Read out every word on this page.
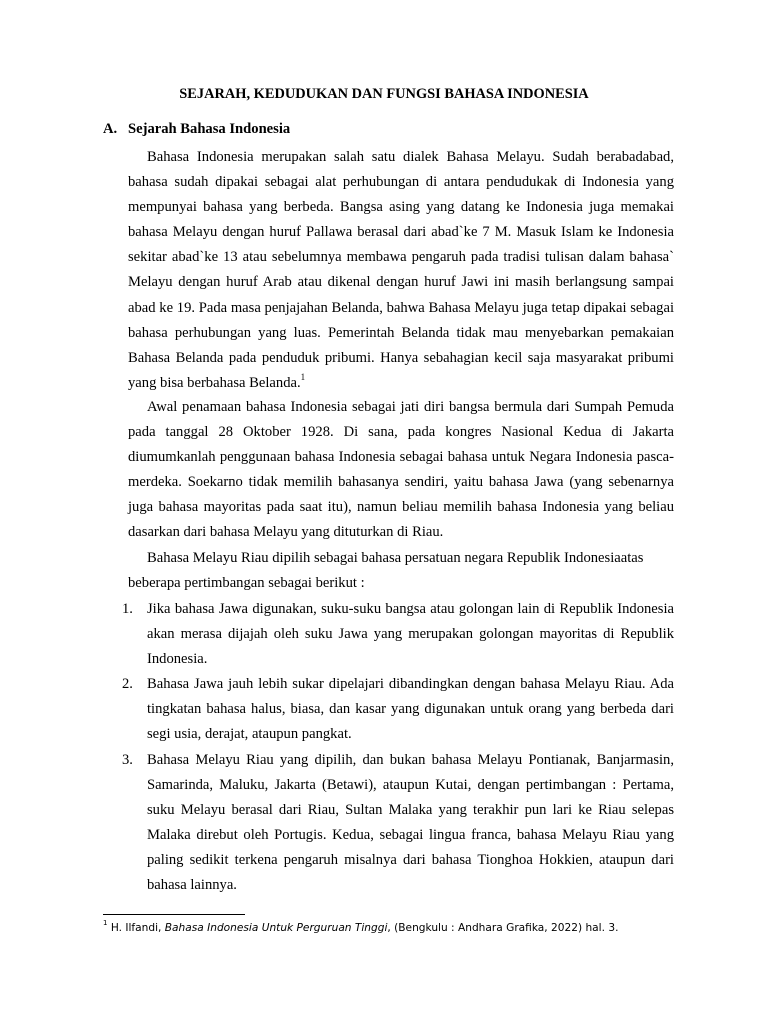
SEJARAH, KEDUDUKAN DAN FUNGSI BAHASA INDONESIA
A. Sejarah Bahasa Indonesia

Bahasa Indonesia merupakan salah satu dialek Bahasa Melayu. Sudah berabadabad, bahasa sudah dipakai sebagai alat perhubungan di antara pendudukak di Indonesia yang mempunyai bahasa yang berbeda. Bangsa asing yang datang ke Indonesia juga memakai bahasa Melayu dengan huruf Pallawa berasal dari abad`ke 7 M. Masuk Islam ke Indonesia sekitar abad`ke 13 atau sebelumnya membawa pengaruh pada tradisi tulisan dalam bahasa` Melayu dengan huruf Arab atau dikenal dengan huruf Jawi ini masih berlangsung sampai abad ke 19. Pada masa penjajahan Belanda, bahwa Bahasa Melayu juga tetap dipakai sebagai bahasa perhubungan yang luas. Pemerintah Belanda tidak mau menyebarkan pemakaian Bahasa Belanda pada penduduk pribumi. Hanya sebahagian kecil saja masyarakat pribumi yang bisa berbahasa Belanda.$^1$

Awal penamaan bahasa Indonesia sebagai jati diri bangsa bermula dari Sumpah Pemuda pada tanggal 28 Oktober 1928. Di sana, pada kongres Nasional Kedua di Jakarta diumumkanlah penggunaan bahasa Indonesia sebagai bahasa untuk Negara Indonesia pasca-merdeka. Soekarno tidak memilih bahasanya sendiri, yaitu bahasa Jawa (yang sebenarnya juga bahasa mayoritas pada saat itu), namun beliau memilih bahasa Indonesia yang beliau dasarkan dari bahasa Melayu yang dituturkan di Riau.

Bahasa Melayu Riau dipilih sebagai bahasa persatuan negara Republik Indonesiaatas beberapa pertimbangan sebagai berikut :

1. Jika bahasa Jawa digunakan, suku-suku bangsa atau golongan lain di Republik Indonesia akan merasa dijajah oleh suku Jawa yang merupakan golongan mayoritas di Republik Indonesia.
2. Bahasa Jawa jauh lebih sukar dipelajari dibandingkan dengan bahasa Melayu Riau. Ada tingkatan bahasa halus, biasa, dan kasar yang digunakan untuk orang yang berbeda dari segi usia, derajat, ataupun pangkat.
3. Bahasa Melayu Riau yang dipilih, dan bukan bahasa Melayu Pontianak, Banjarmasin, Samarinda, Maluku, Jakarta (Betawi), ataupun Kutai, dengan pertimbangan : Pertama, suku Melayu berasal dari Riau, Sultan Malaka yang terakhir pun lari ke Riau selepas Malaka direbut oleh Portugis. Kedua, sebagai lingua franca, bahasa Melayu Riau yang paling sedikit terkena pengaruh misalnya dari bahasa Tionghoa Hokkien, ataupun dari bahasa lainnya.
$^1$ H. Ilfandi, Bahasa Indonesia Untuk Perguruan Tinggi, (Bengkulu : Andhara Grafika, 2022) hal. 3.
